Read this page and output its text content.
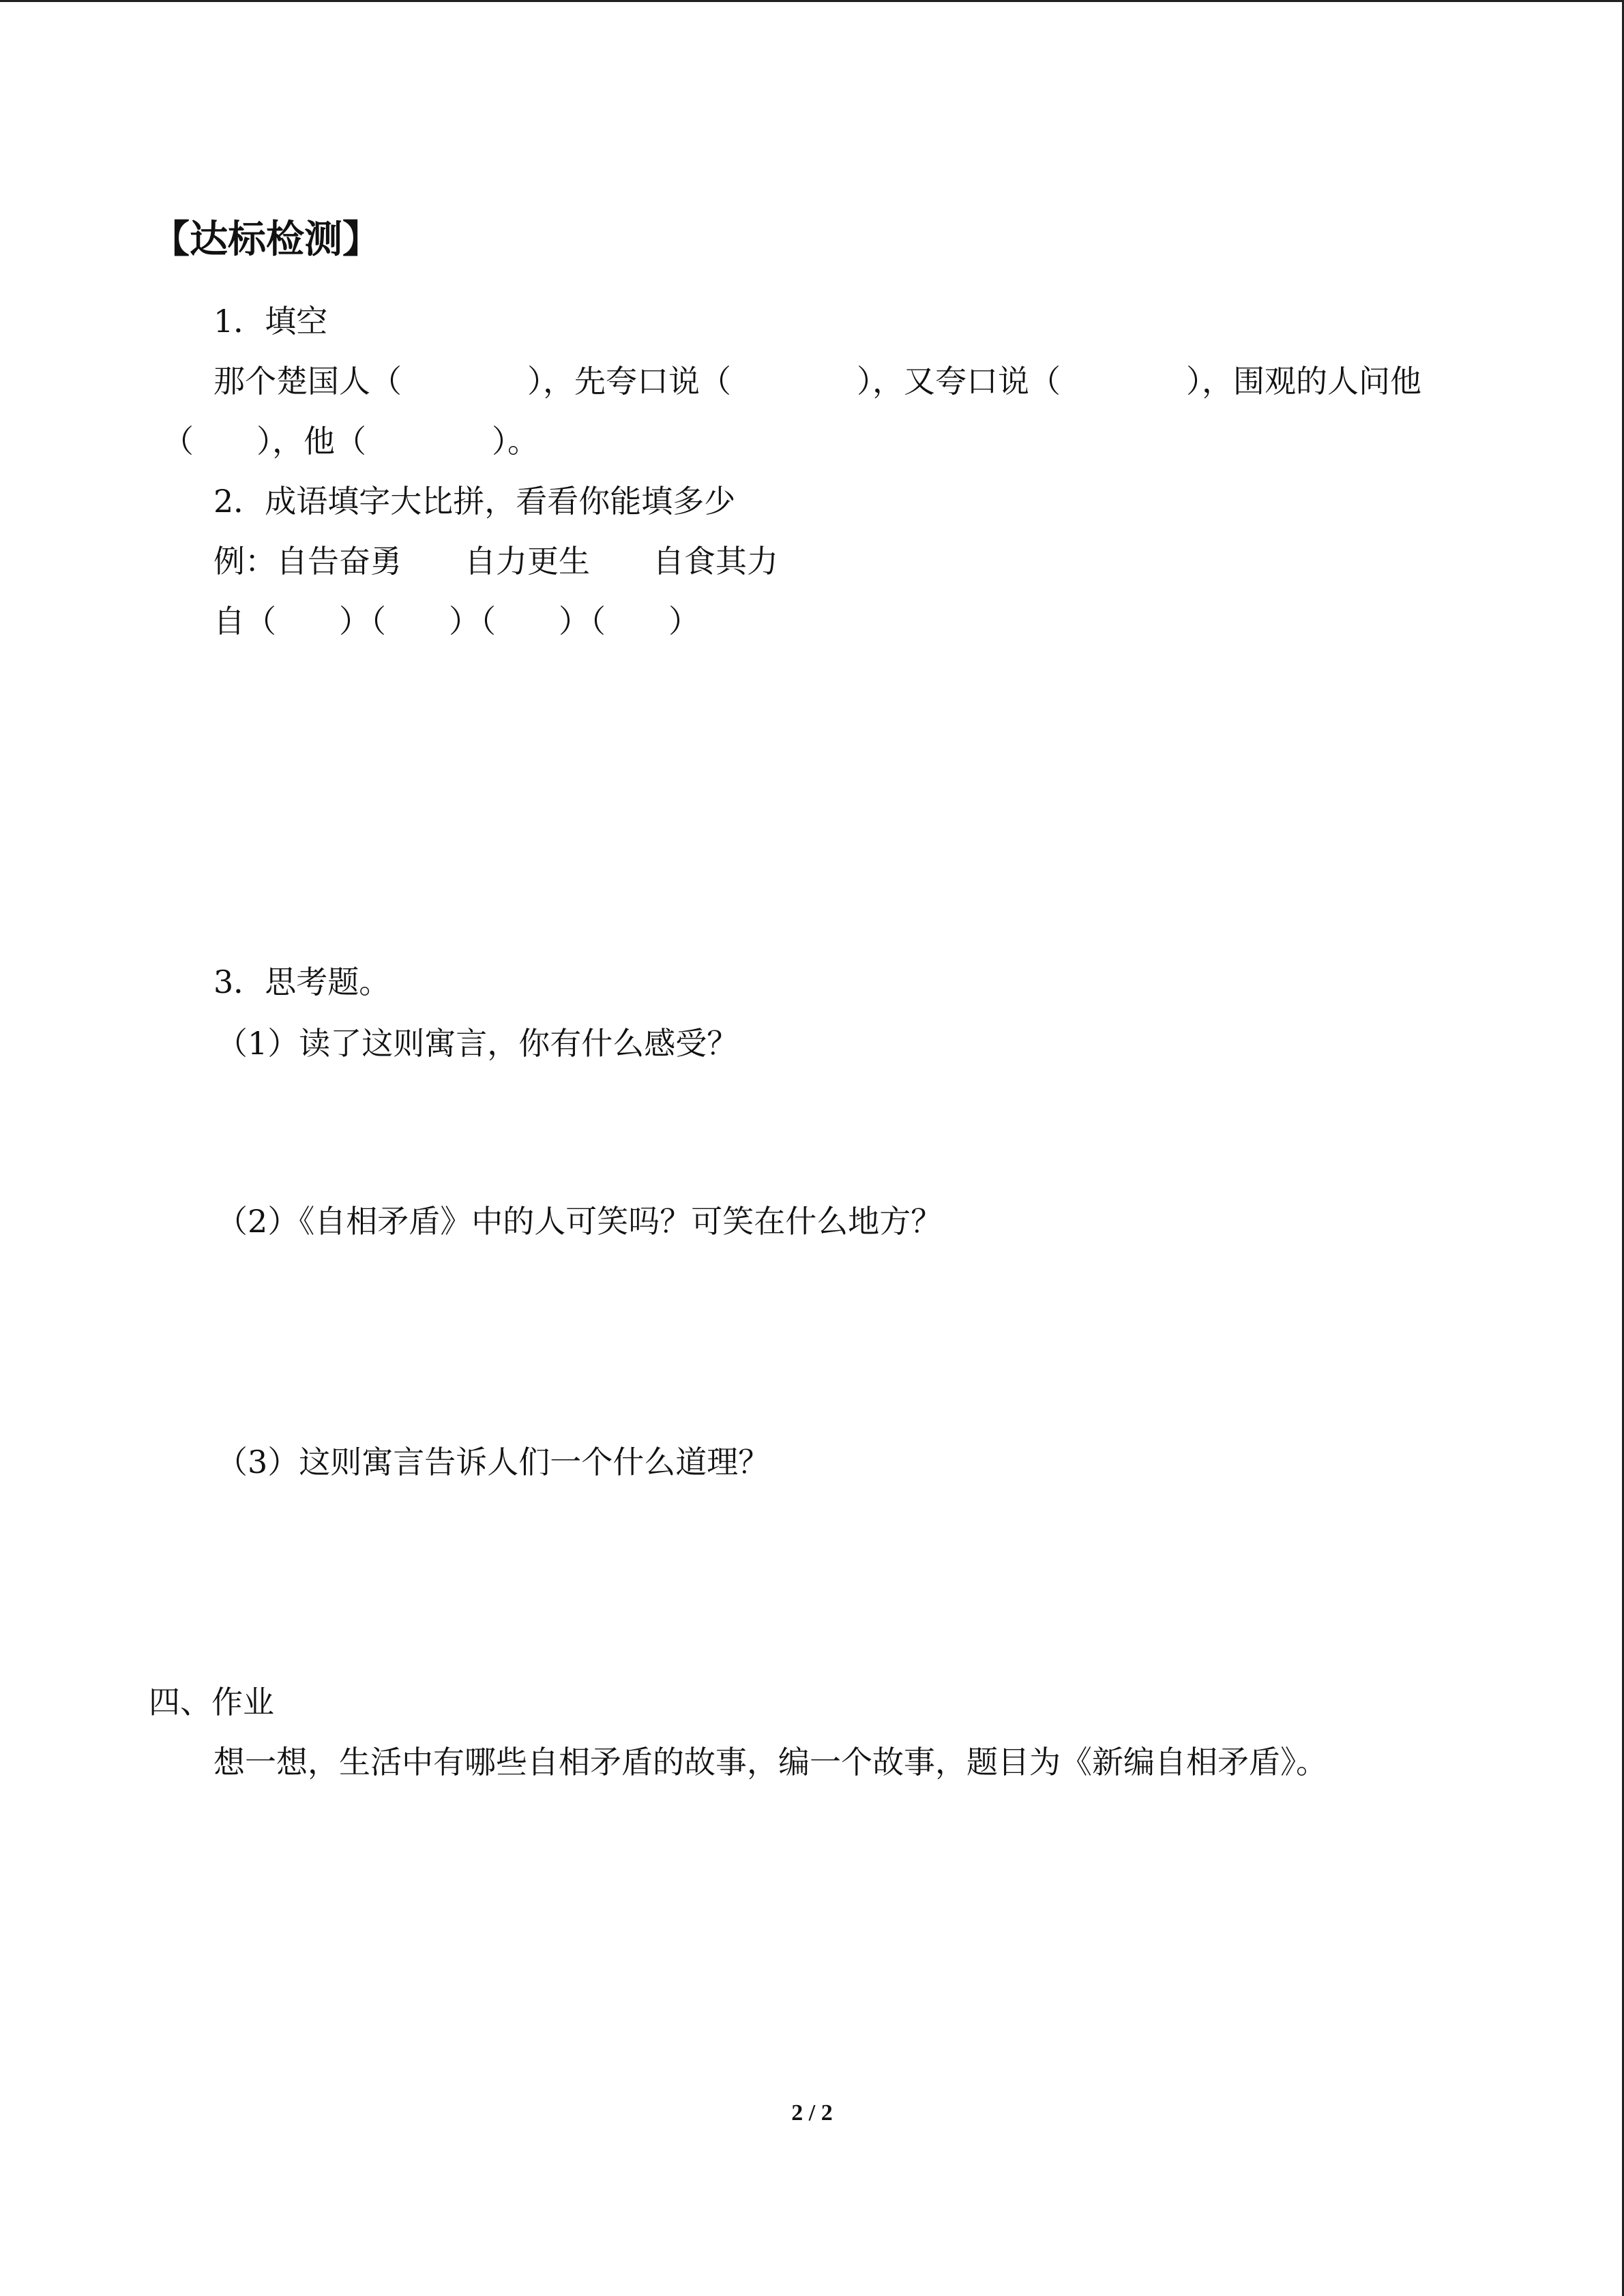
【达标检测】
1．填空
那个楚国人（　　　　），先夸口说（　　　　），又夸口说（　　　　），围观的人问他
（　　），他（　　　　）。
2．成语填字大比拼，看看你能填多少
例：自告奋勇　　自力更生　　自食其力
自（　　）（　　）（　　）（　　）
3．思考题。
（1）读了这则寓言，你有什么感受？
（2）《自相矛盾》中的人可笑吗？可笑在什么地方？
（3）这则寓言告诉人们一个什么道理？
四、作业
想一想，生活中有哪些自相矛盾的故事，编一个故事，题目为《新编自相矛盾》。
2 / 2
